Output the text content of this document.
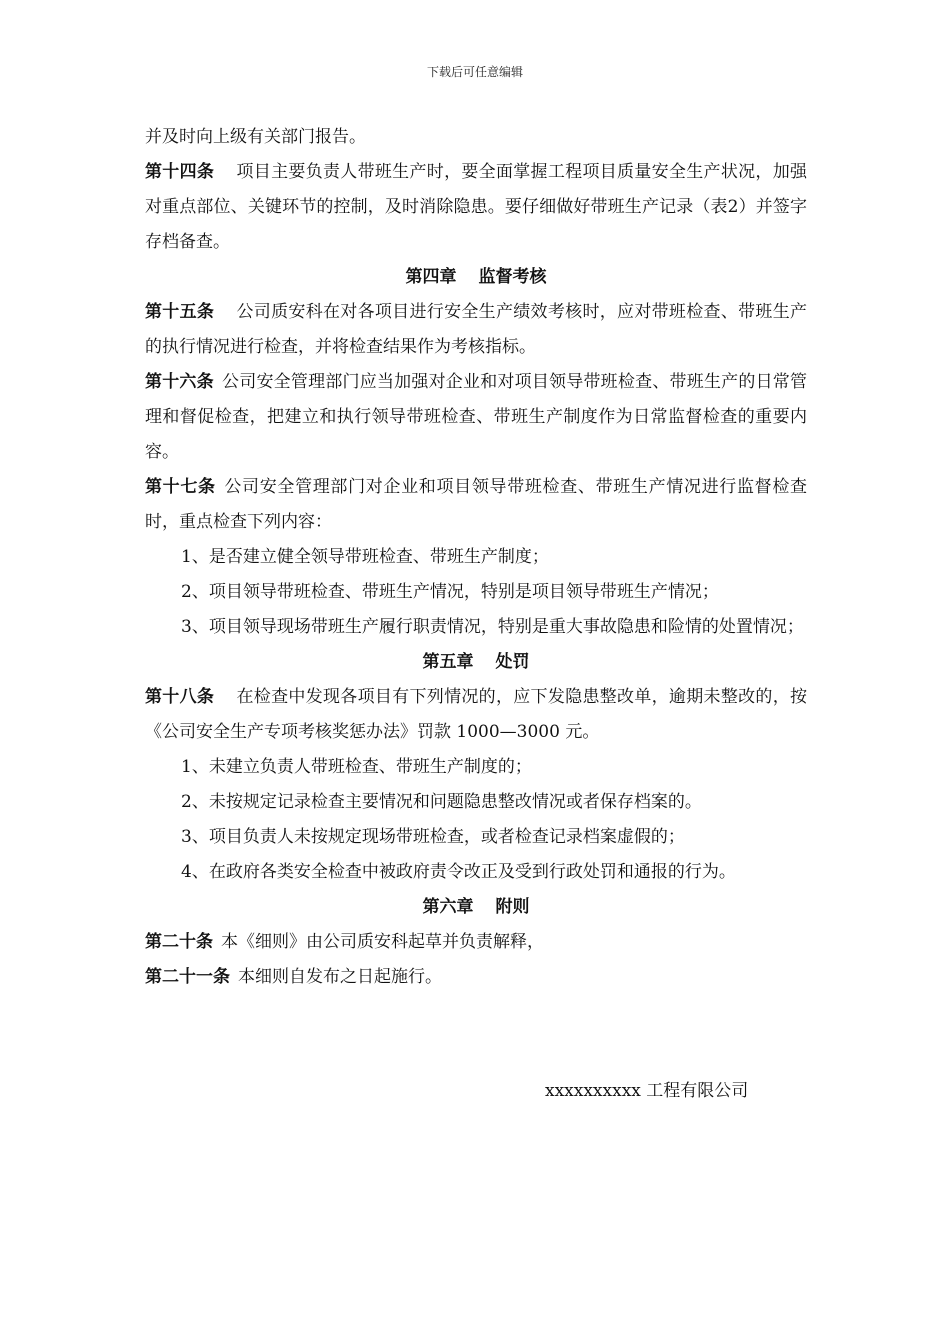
下载后可任意编辑

并及时向上级有关部门报告。

第十四条 项目主要负责人带班生产时，要全面掌握工程项目质量安全生产状况，加强对重点部位、关键环节的控制，及时消除隐患。要仔细做好带班生产记录（表2）并签字存档备查。

第四章 监督考核

第十五条 公司质安科在对各项目进行安全生产绩效考核时，应对带班检查、带班生产的执行情况进行检查，并将检查结果作为考核指标。

第十六条 公司安全管理部门应当加强对企业和对项目领导带班检查、带班生产的日常管理和督促检查，把建立和执行领导带班检查、带班生产制度作为日常监督检查的重要内容。

第十七条 公司安全管理部门对企业和项目领导带班检查、带班生产情况进行监督检查时，重点检查下列内容：

1、是否建立健全领导带班检查、带班生产制度；

2、项目领导带班检查、带班生产情况，特别是项目领导带班生产情况；

3、项目领导现场带班生产履行职责情况，特别是重大事故隐患和险情的处置情况；

第五章 处罚

第十八条 在检查中发现各项目有下列情况的，应下发隐患整改单，逾期未整改的，按《公司安全生产专项考核奖惩办法》罚款 1000—3000 元。

1、未建立负责人带班检查、带班生产制度的；

2、未按规定记录检查主要情况和问题隐患整改情况或者保存档案的。

3、项目负责人未按规定现场带班检查，或者检查记录档案虚假的；

4、在政府各类安全检查中被政府责令改正及受到行政处罚和通报的行为。

第六章 附则

第二十条 本《细则》由公司质安科起草并负责解释，

第二十一条 本细则自发布之日起施行。

xxxxxxxxxx 工程有限公司
